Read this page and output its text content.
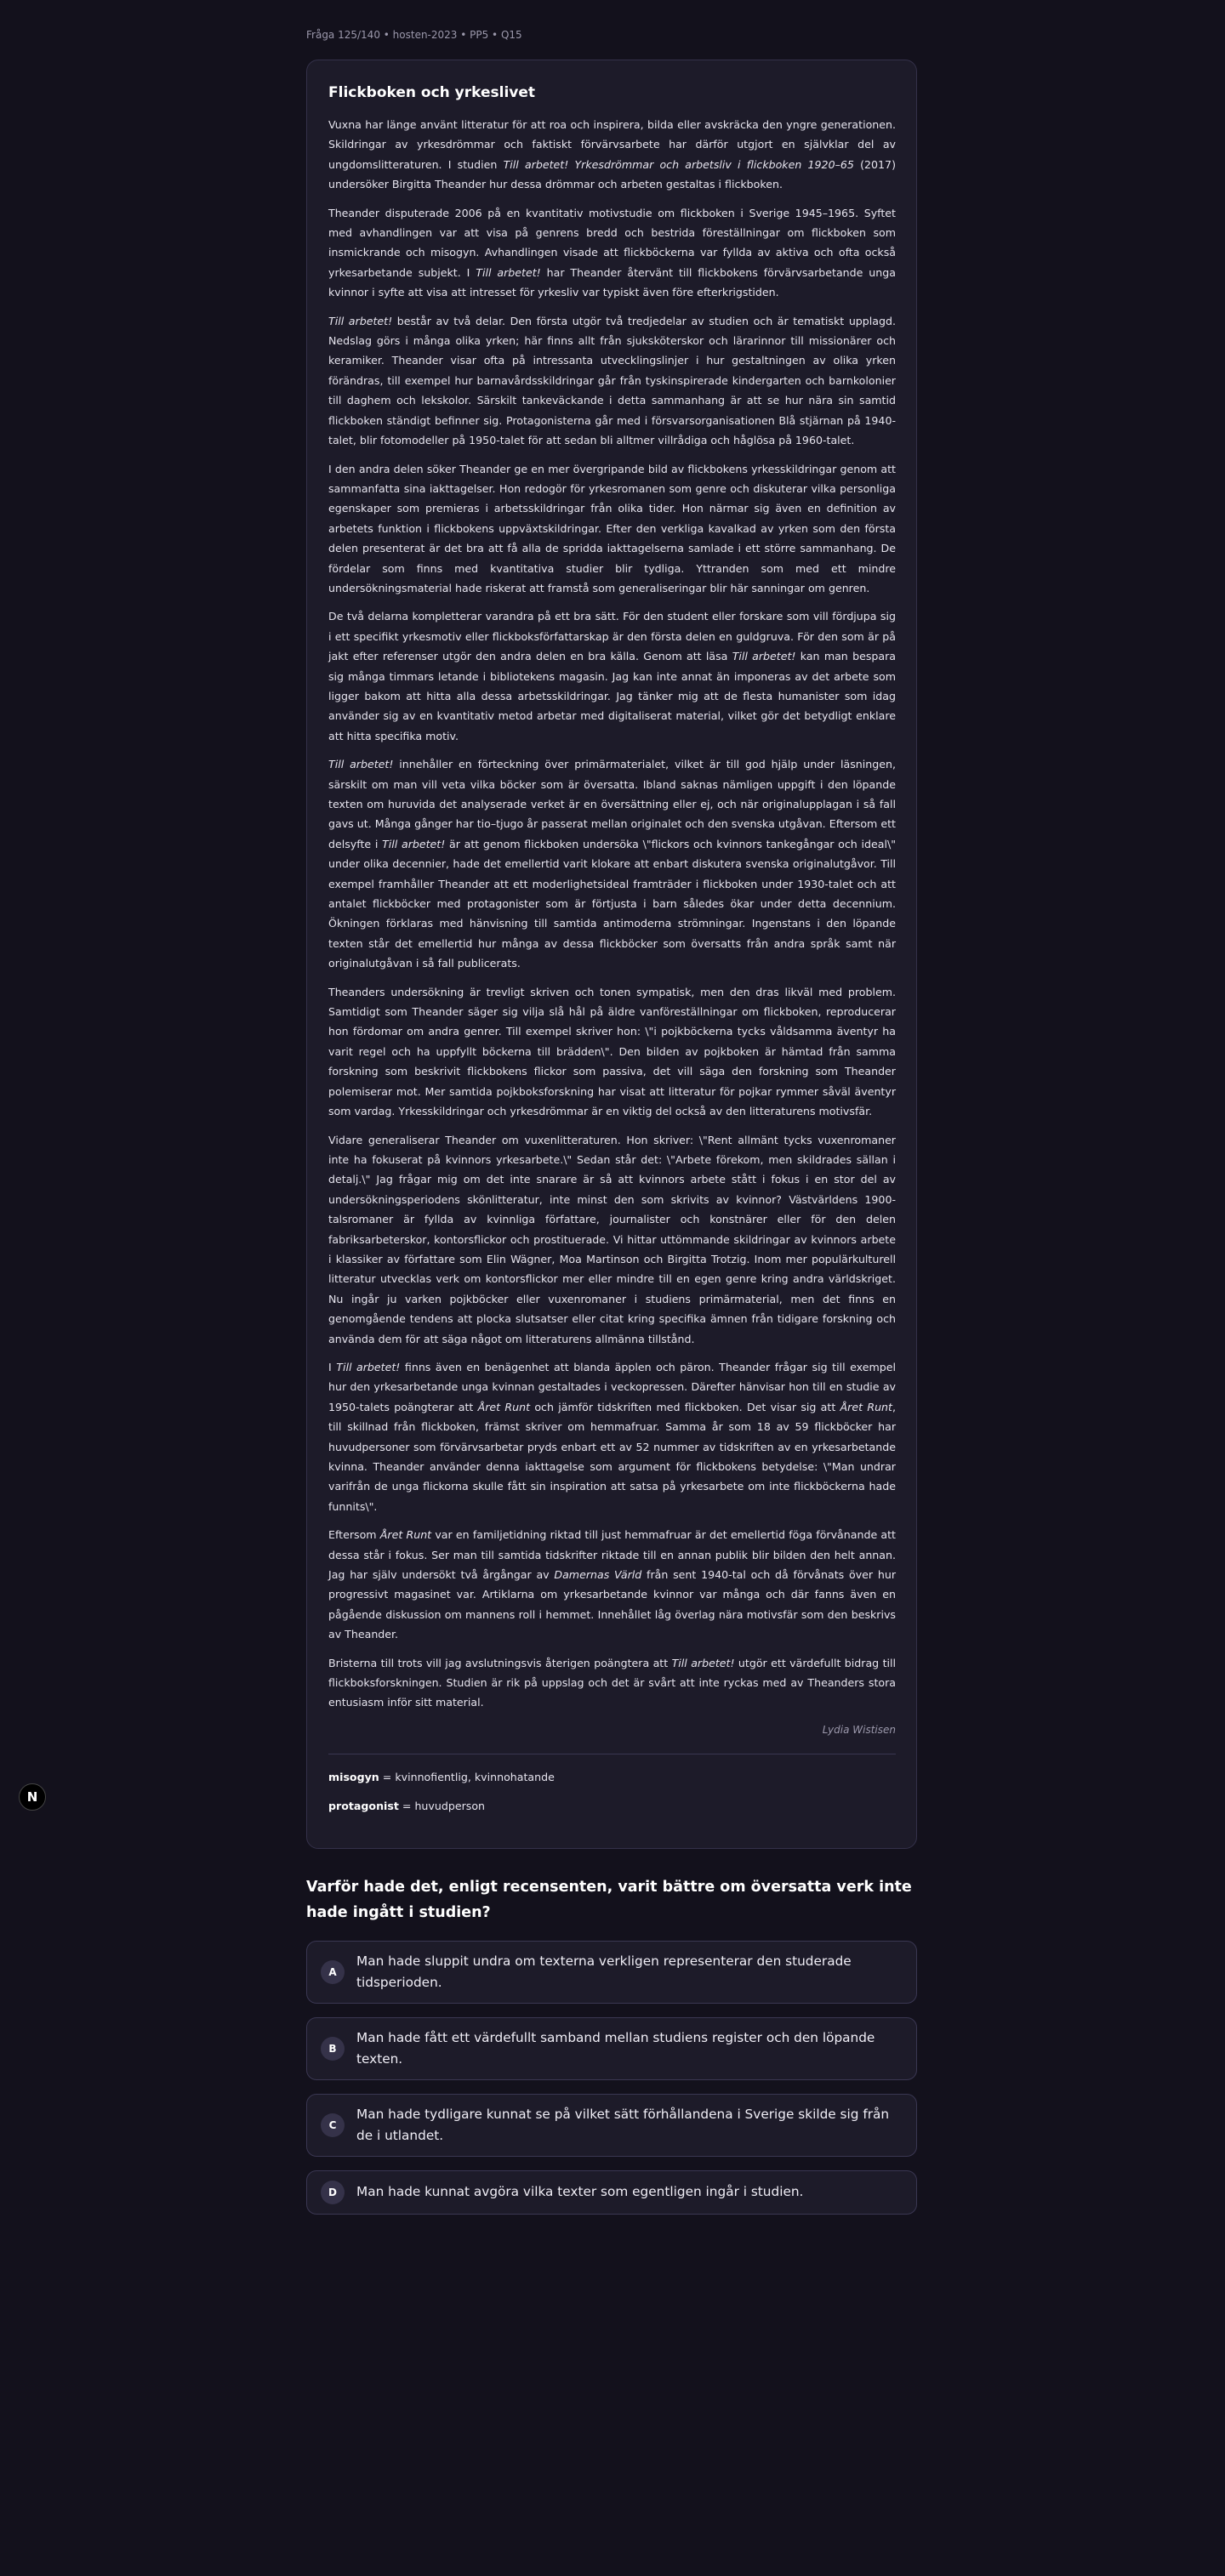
Fråga 125/140 • hosten-2023 • PP5 • Q15
Flickboken och yrkeslivet

Vuxna har länge använt litteratur för att roa och inspirera, bilda eller avskräcka den yngre generationen. Skildringar av yrkesdrömmar och faktiskt förvärvsarbete har därför utgjort en självklar del av ungdomslitteraturen. I studien Till arbetet! Yrkesdrömmar och arbetsliv i flickboken 1920–65 (2017) undersöker Birgitta Theander hur dessa drömmar och arbeten gestaltas i flickboken.

Theander disputerade 2006 på en kvantitativ motivstudie om flickboken i Sverige 1945–1965. Syftet med avhandlingen var att visa på genrens bredd och bestrida föreställningar om flickboken som insmickrande och misogyn. Avhandlingen visade att flickböckerna var fyllda av aktiva och ofta också yrkesarbetande subjekt. I Till arbetet! har Theander återvänt till flickbokens förvärvsarbetande unga kvinnor i syfte att visa att intresset för yrkesliv var typiskt även före efterkrigstiden.

Till arbetet! består av två delar. Den första utgör två tredjedelar av studien och är tematiskt upplagd. Nedslag görs i många olika yrken; här finns allt från sjuksköterskor och lärarinnor till missionärer och keramiker. Theander visar ofta på intressanta utvecklingslinjer i hur gestaltningen av olika yrken förändras, till exempel hur barnavårdsskildringar går från tyskinspirerade kindergarten och barnkolonier till daghem och lekskolor. Särskilt tankeväckande i detta sammanhang är att se hur nära sin samtid flickboken ständigt befinner sig. Protagonisterna går med i försvarsorganisationen Blå stjärnan på 1940-talet, blir fotomodeller på 1950-talet för att sedan bli alltmer villrådiga och håglösa på 1960-talet.

I den andra delen söker Theander ge en mer övergripande bild av flickbokens yrkesskildringar genom att sammanfatta sina iakttagelser. Hon redogör för yrkesromanen som genre och diskuterar vilka personliga egenskaper som premieras i arbetsskildringar från olika tider. Hon närmar sig även en definition av arbetets funktion i flickbokens uppväxtskildringar. Efter den verkliga kavalkad av yrken som den första delen presenterat är det bra att få alla de spridda iakttagelserna samlade i ett större sammanhang. De fördelar som finns med kvantitativa studier blir tydliga. Yttranden som med ett mindre undersökningsmaterial hade riskerat att framstå som generaliseringar blir här sanningar om genren.

De två delarna kompletterar varandra på ett bra sätt. För den student eller forskare som vill fördjupa sig i ett specifikt yrkesmotiv eller flickboksförfattarskap är den första delen en guldgruva. För den som är på jakt efter referenser utgör den andra delen en bra källa. Genom att läsa Till arbetet! kan man bespara sig många timmars letande i bibliotekens magasin. Jag kan inte annat än imponeras av det arbete som ligger bakom att hitta alla dessa arbetsskildringar. Jag tänker mig att de flesta humanister som idag använder sig av en kvantitativ metod arbetar med digitaliserat material, vilket gör det betydligt enklare att hitta specifika motiv.

Till arbetet! innehåller en förteckning över primärmaterialet, vilket är till god hjälp under läsningen, särskilt om man vill veta vilka böcker som är översatta. Ibland saknas nämligen uppgift i den löpande texten om huruvida det analyserade verket är en översättning eller ej, och när originalupplagan i så fall gavs ut. Många gånger har tio–tjugo år passerat mellan originalet och den svenska utgåvan. Eftersom ett delsyfte i Till arbetet! är att genom flickboken undersöka \"flickors och kvinnors tankegångar och ideal\" under olika decennier, hade det emellertid varit klokare att enbart diskutera svenska originalutgåvor. Till exempel framhåller Theander att ett moderlighetsideal framträder i flickboken under 1930-talet och att antalet flickböcker med protagonister som är förtjusta i barn således ökar under detta decennium. Ökningen förklaras med hänvisning till samtida antimoderna strömningar. Ingenstans i den löpande texten står det emellertid hur många av dessa flickböcker som översatts från andra språk samt när originalutgåvan i så fall publicerats.

Theanders undersökning är trevligt skriven och tonen sympatisk, men den dras likväl med problem. Samtidigt som Theander säger sig vilja slå hål på äldre vanföreställningar om flickboken, reproducerar hon fördomar om andra genrer. Till exempel skriver hon: \"i pojkböckerna tycks våldsamma äventyr ha varit regel och ha uppfyllt böckerna till brädden\". Den bilden av pojkboken är hämtad från samma forskning som beskrivit flickbokens flickor som passiva, det vill säga den forskning som Theander polemiserar mot. Mer samtida pojkboksforskning har visat att litteratur för pojkar rymmer såväl äventyr som vardag. Yrkesskildringar och yrkesdrömmar är en viktig del också av den litteraturens motivsfär.

Vidare generaliserar Theander om vuxenlitteraturen. Hon skriver: \"Rent allmänt tycks vuxenromaner inte ha fokuserat på kvinnors yrkesarbete.\" Sedan står det: \"Arbete förekom, men skildrades sällan i detalj.\" Jag frågar mig om det inte snarare är så att kvinnors arbete stått i fokus i en stor del av undersökningsperiodens skönlitteratur, inte minst den som skrivits av kvinnor? Västvärldens 1900-talsromaner är fyllda av kvinnliga författare, journalister och konstnärer eller för den delen fabriksarbeterskor, kontorsflickor och prostituerade. Vi hittar uttömmande skildringar av kvinnors arbete i klassiker av författare som Elin Wägner, Moa Martinson och Birgitta Trotzig. Inom mer populärkulturell litteratur utvecklas verk om kontorsflickor mer eller mindre till en egen genre kring andra världskriget. Nu ingår ju varken pojkböcker eller vuxenromaner i studiens primärmaterial, men det finns en genomgående tendens att plocka slutsatser eller citat kring specifika ämnen från tidigare forskning och använda dem för att säga något om litteraturens allmänna tillstånd.

I Till arbetet! finns även en benägenhet att blanda äpplen och päron. Theander frågar sig till exempel hur den yrkesarbetande unga kvinnan gestaltades i veckopressen. Därefter hänvisar hon till en studie av 1950-talets poängterar att Året Runt och jämför tidskriften med flickboken. Det visar sig att Året Runt, till skillnad från flickboken, främst skriver om hemmafruar. Samma år som 18 av 59 flickböcker har huvudpersoner som förvärvsarbetar pryds enbart ett av 52 nummer av tidskriften av en yrkesarbetande kvinna. Theander använder denna iakttagelse som argument för flickbokens betydelse: \"Man undrar varifrån de unga flickorna skulle fått sin inspiration att satsa på yrkesarbete om inte flickböckerna hade funnits\".

Eftersom Året Runt var en familjetidning riktad till just hemmafruar är det emellertid föga förvånande att dessa står i fokus. Ser man till samtida tidskrifter riktade till en annan publik blir bilden den helt annan. Jag har själv undersökt två årgångar av Damernas Värld från sent 1940-tal och då förvånats över hur progressivt magasinet var. Artiklarna om yrkesarbetande kvinnor var många och där fanns även en pågående diskussion om mannens roll i hemmet. Innehållet låg överlag nära motivsfär som den beskrivs av Theander.

Bristerna till trots vill jag avslutningsvis återigen poängtera att Till arbetet! utgör ett värdefullt bidrag till flickboksforskningen. Studien är rik på uppslag och det är svårt att inte ryckas med av Theanders stora entusiasm inför sitt material.

Lydia Wistisen
misogyn = kvinnofientlig, kvinnohatande
protagonist = huvudperson
Varför hade det, enligt recensenten, varit bättre om översatta verk inte hade ingått i studien?
A
Man hade sluppit undra om texterna verkligen representerar den studerade tidsperioden.
B
Man hade fått ett värdefullt samband mellan studiens register och den löpande texten.
C
Man hade tydligare kunnat se på vilket sätt förhållandena i Sverige skilde sig från de i utlandet.
D	Man hade kunnat avgöra vilka texter som egentligen ingår i studien.
N
